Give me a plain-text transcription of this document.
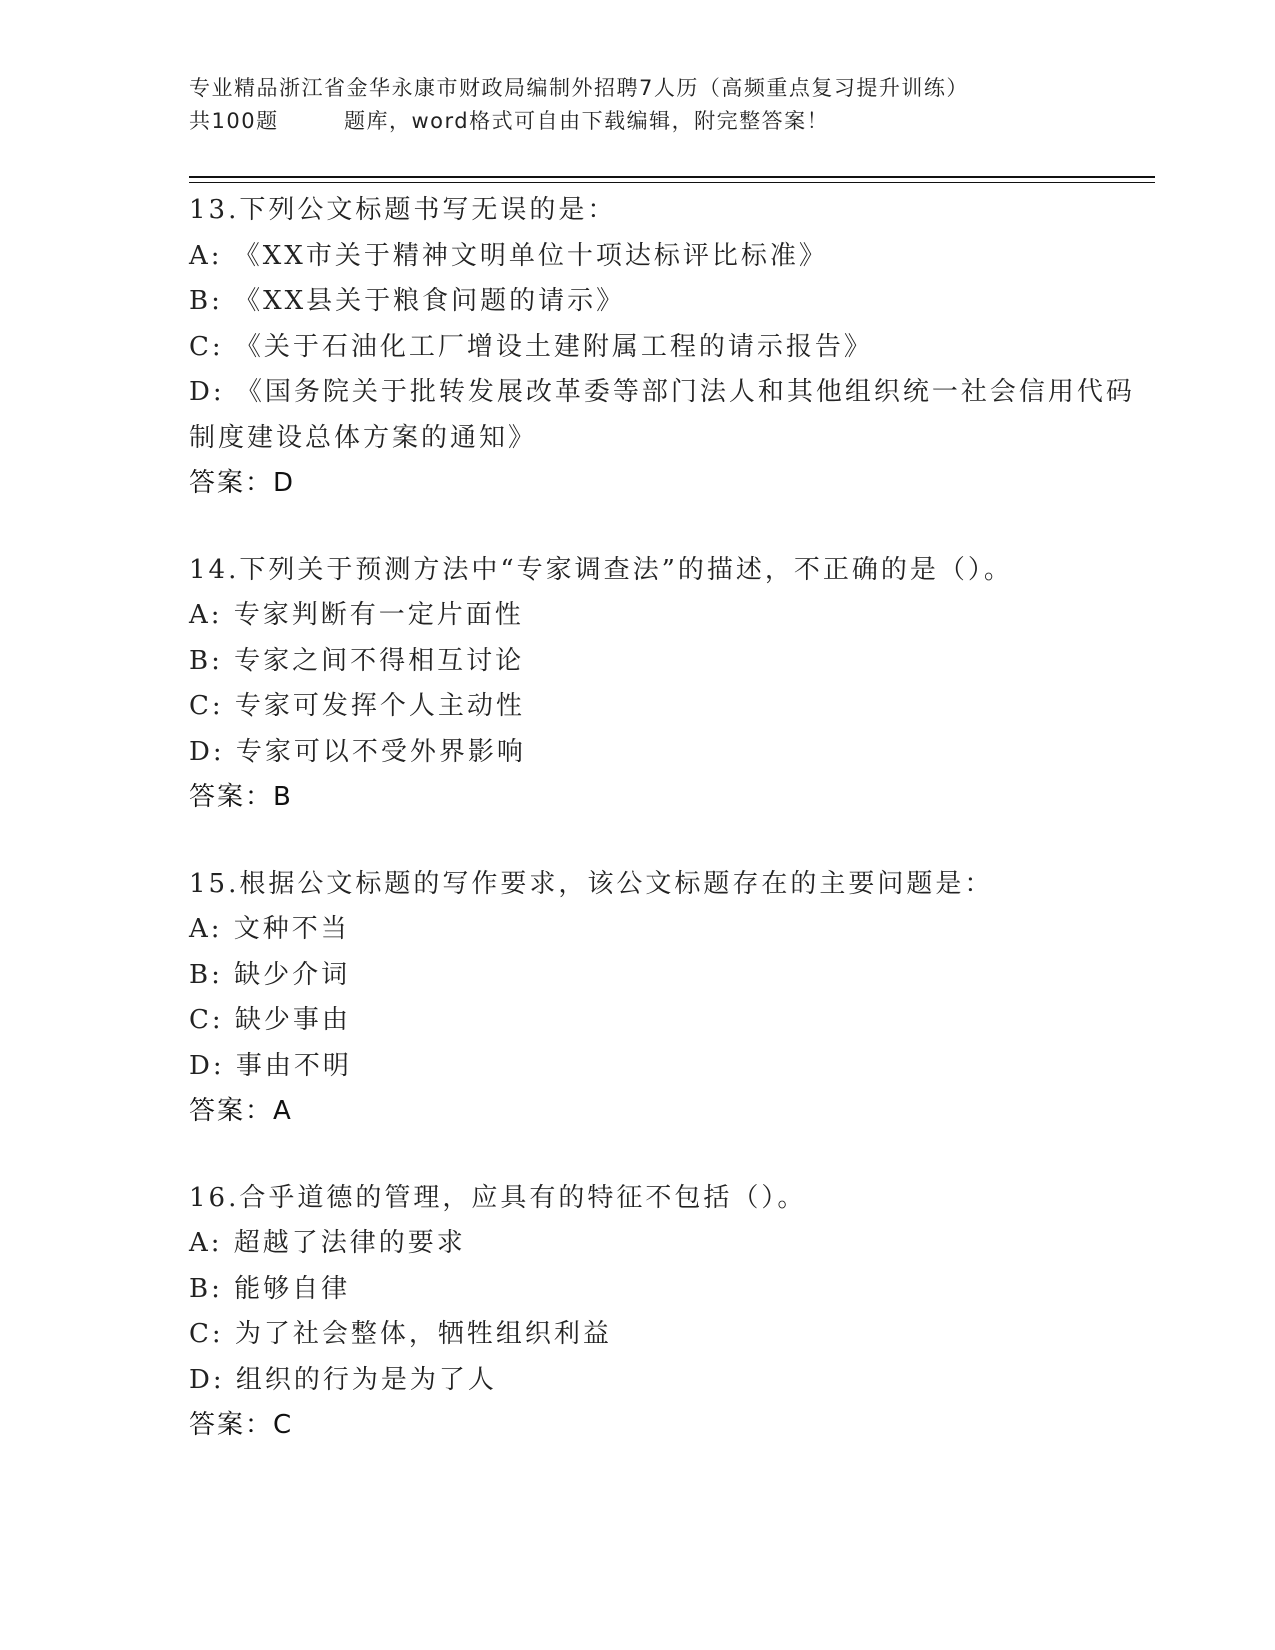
专业精品浙江省金华永康市财政局编制外招聘7人历（高频重点复习提升训练）
共100题        题库，word格式可自由下载编辑，附完整答案！
13.下列公文标题书写无误的是：
A: 《XX市关于精神文明单位十项达标评比标准》
B: 《XX县关于粮食问题的请示》
C: 《关于石油化工厂增设土建附属工程的请示报告》
D: 《国务院关于批转发展改革委等部门法人和其他组织统一社会信用代码制度建设总体方案的通知》
答案：D
14.下列关于预测方法中“专家调查法”的描述，不正确的是（）。
A: 专家判断有一定片面性
B: 专家之间不得相互讨论
C: 专家可发挥个人主动性
D: 专家可以不受外界影响
答案：B
15.根据公文标题的写作要求，该公文标题存在的主要问题是：
A: 文种不当
B: 缺少介词
C: 缺少事由
D: 事由不明
答案：A
16.合乎道德的管理，应具有的特征不包括（）。
A: 超越了法律的要求
B: 能够自律
C: 为了社会整体，牺牲组织利益
D: 组织的行为是为了人
答案：C
